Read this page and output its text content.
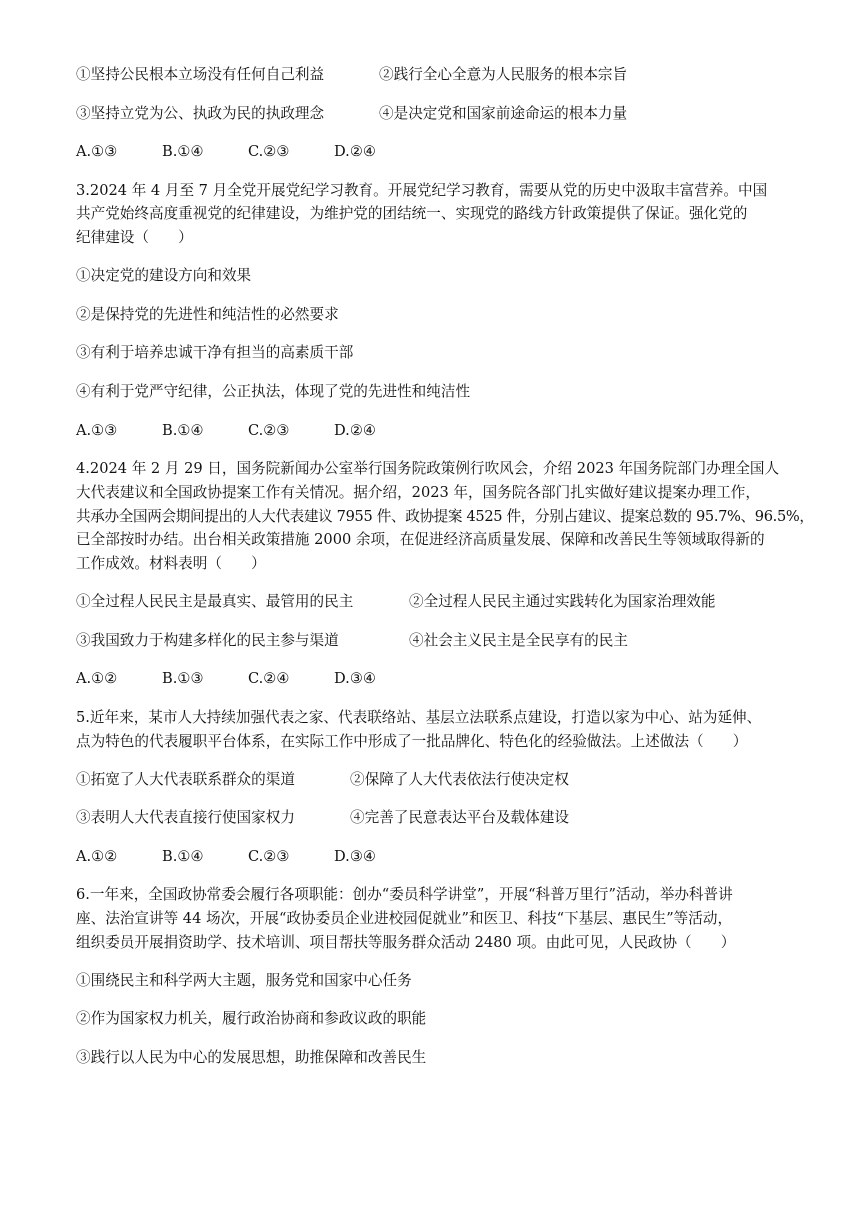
①坚持公民根本立场没有任何自己利益	②践行全心全意为人民服务的根本宗旨
③坚持立党为公、执政为民的执政理念	④是决定党和国家前途命运的根本力量
A.①③	B.①④	C.②③	D.②④
3.2024 年 4 月至 7 月全党开展党纪学习教育。开展党纪学习教育，需要从党的历史中汲取丰富营养。中国
共产党始终高度重视党的纪律建设，为维护党的团结统一、实现党的路线方针政策提供了保证。强化党的
纪律建设（　　）
①决定党的建设方向和效果
②是保持党的先进性和纯洁性的必然要求
③有利于培养忠诚干净有担当的高素质干部
④有利于党严守纪律，公正执法，体现了党的先进性和纯洁性
A.①③	B.①④	C.②③	D.②④
4.2024 年 2 月 29 日，国务院新闻办公室举行国务院政策例行吹风会，介绍 2023 年国务院部门办理全国人
大代表建议和全国政协提案工作有关情况。据介绍，2023 年，国务院各部门扎实做好建议提案办理工作，
共承办全国两会期间提出的人大代表建议 7955 件、政协提案 4525 件，分别占建议、提案总数的 95.7%、96.5%，
已全部按时办结。出台相关政策措施 2000 余项，在促进经济高质量发展、保障和改善民生等领域取得新的
工作成效。材料表明（　　）
①全过程人民民主是最真实、最管用的民主	②全过程人民民主通过实践转化为国家治理效能
③我国致力于构建多样化的民主参与渠道	④社会主义民主是全民享有的民主
A.①②	B.①③	C.②④	D.③④
5.近年来，某市人大持续加强代表之家、代表联络站、基层立法联系点建设，打造以家为中心、站为延伸、
点为特色的代表履职平台体系，在实际工作中形成了一批品牌化、特色化的经验做法。上述做法（　　）
①拓宽了人大代表联系群众的渠道	②保障了人大代表依法行使决定权
③表明人大代表直接行使国家权力	④完善了民意表达平台及载体建设
A.①②	B.①④	C.②③	D.③④
6.一年来，全国政协常委会履行各项职能：创办“委员科学讲堂”，开展“科普万里行”活动，举办科普讲
座、法治宣讲等 44 场次，开展“政协委员企业进校园促就业”和医卫、科技“下基层、惠民生”等活动，
组织委员开展捐资助学、技术培训、项目帮扶等服务群众活动 2480 项。由此可见，人民政协（　　）
①围绕民主和科学两大主题，服务党和国家中心任务
②作为国家权力机关，履行政治协商和参政议政的职能
③践行以人民为中心的发展思想，助推保障和改善民生
